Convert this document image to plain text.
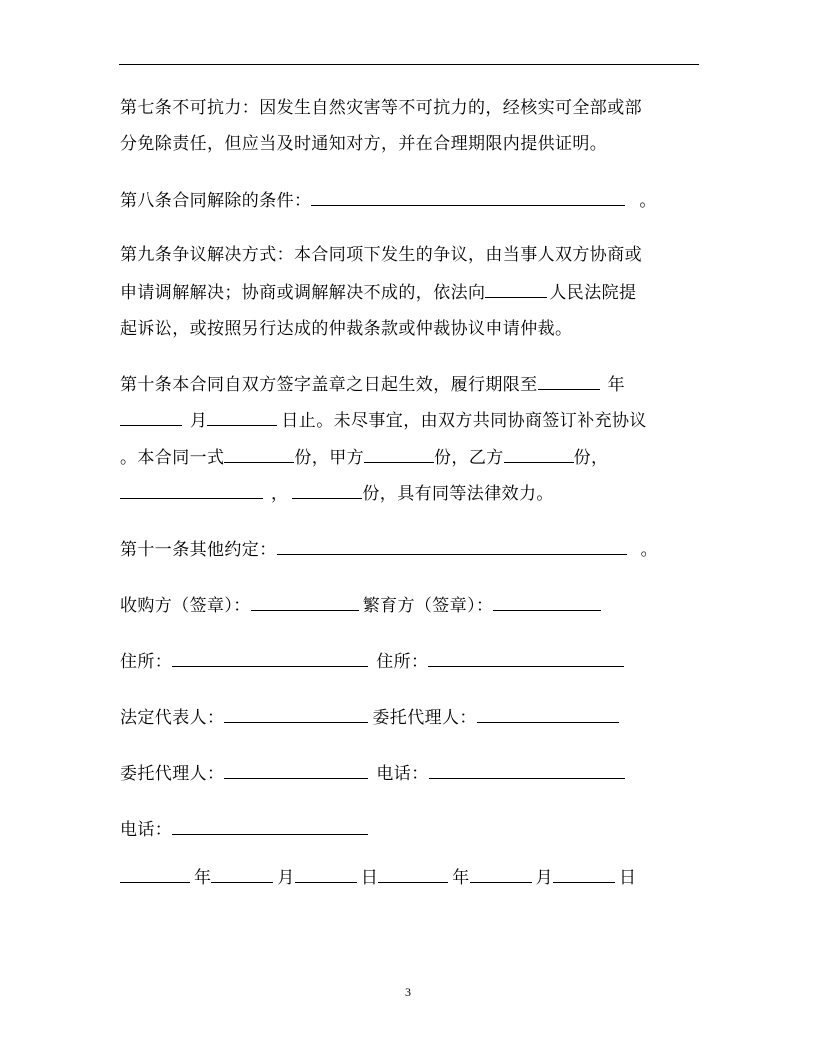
第七条不可抗力：因发生自然灾害等不可抗力的，经核实可全部或部
分免除责任，但应当及时通知对方，并在合理期限内提供证明。
第八条合同解除的条件：	。
第九条争议解决方式：本合同项下发生的争议，由当事人双方协商或
申请调解解决；协商或调解解决不成的，依法向	人民法院提
起诉讼，或按照另行达成的仲裁条款或仲裁协议申请仲裁。
第十条本合同自双方签字盖章之日起生效，履行期限至	年
月	日止。未尽事宜，由双方共同协商签订补充协议
。本合同一式	份，甲方	份，乙方	份，
，	份，具有同等法律效力。
第十一条其他约定：	。
收购方（签章）：	繁育方（签章）：
住所：	住所：
法定代表人：	委托代理人：
委托代理人：	电话：
电话：
年	月	日	年	月	日
3
